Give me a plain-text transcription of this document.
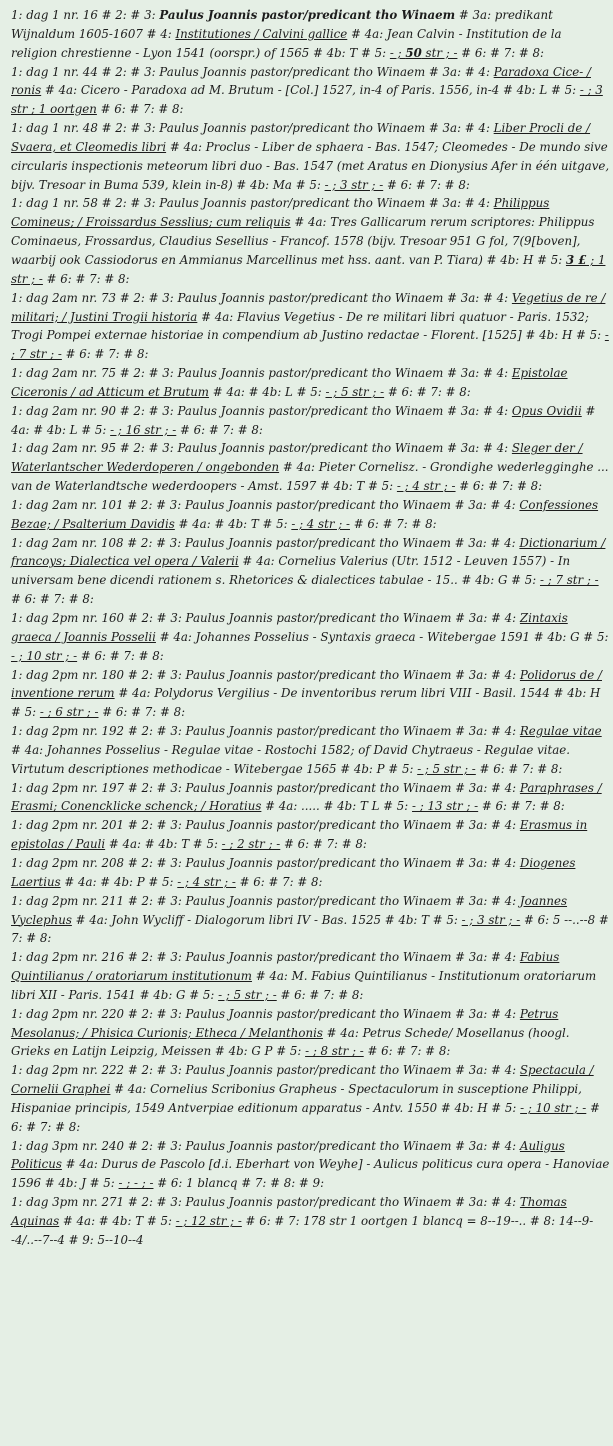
1: dag 1 nr. 16 # 2: # 3: Paulus Joannis pastor/predicant tho Winaem # 3a: predikant Wijnaldum 1605-1607 # 4: Institutiones / Calvini gallice # 4a: Jean Calvin - Institution de la religion chrestienne - Lyon 1541 (oorspr.) of 1565 # 4b: T # 5: - ; 50 str ; - # 6: # 7: # 8:

1: dag 1 nr. 44 # 2: # 3: Paulus Joannis pastor/predicant tho Winaem # 3a: # 4: Paradoxa Cice- / ronis # 4a: Cicero - Paradoxa ad M. Brutum - [Col.] 1527, in-4 of Paris. 1556, in-4 # 4b: L # 5: - ; 3 str ; 1 oortgen # 6: # 7: # 8:

1: dag 1 nr. 48 # 2: # 3: Paulus Joannis pastor/predicant tho Winaem # 3a: # 4: Liber Procli de / Svaera, et Cleomedis libri # 4a: Proclus - Liber de sphaera - Bas. 1547; Cleomedes - De mundo sive circularis inspectionis meteorum libri duo - Bas. 1547 (met Aratus en Dionysius Afer in één uitgave, bijv. Tresoar in Buma 539, klein in-8) # 4b: Ma # 5: - ; 3 str ; - # 6: # 7: # 8:

1: dag 1 nr. 58 # 2: # 3: Paulus Joannis pastor/predicant tho Winaem # 3a: # 4: Philippus Comineus; / Froissardus Sesslius; cum reliquis # 4a: Tres Gallicarum rerum scriptores: Philippus Cominaeus, Frossardus, Claudius Sesellius - Francof. 1578 (bijv. Tresoar 951 G fol, 7(9[boven], waarbij ook Cassiodorus en Ammianus Marcellinus met hss. aant. van P. Tiara) # 4b: H # 5: 3 £ ; 1 str ; - # 6: # 7: # 8:

1: dag 2am nr. 73 # 2: # 3: Paulus Joannis pastor/predicant tho Winaem # 3a: # 4: Vegetius de re / militari; / Justini Trogii historia # 4a: Flavius Vegetius - De re militari libri quatuor - Paris. 1532; Trogi Pompei externae historiae in compendium ab Justino redactae - Florent. [1525] # 4b: H # 5: - ; 7 str ; - # 6: # 7: # 8:

1: dag 2am nr. 75 # 2: # 3: Paulus Joannis pastor/predicant tho Winaem # 3a: # 4: Epistolae Ciceronis / ad Atticum et Brutum # 4a: # 4b: L # 5: - ; 5 str ; - # 6: # 7: # 8:

1: dag 2am nr. 90 # 2: # 3: Paulus Joannis pastor/predicant tho Winaem # 3a: # 4: Opus Ovidii # 4a: # 4b: L # 5: - ; 16 str ; - # 6: # 7: # 8:

1: dag 2am nr. 95 # 2: # 3: Paulus Joannis pastor/predicant tho Winaem # 3a: # 4: Sleger der / Waterlantscher Wederdoperen / ongebonden # 4a: Pieter Cornelisz. - Grondighe wederlegginghe ... van de Waterlandtsche wederdoopers - Amst. 1597 # 4b: T # 5: - ; 4 str ; - # 6: # 7: # 8:

1: dag 2am nr. 101 # 2: # 3: Paulus Joannis pastor/predicant tho Winaem # 3a: # 4: Confessiones Bezae; / Psalterium Davidis # 4a: # 4b: T # 5: - ; 4 str ; - # 6: # 7: # 8:

1: dag 2am nr. 108 # 2: # 3: Paulus Joannis pastor/predicant tho Winaem # 3a: # 4: Dictionarium / francoys; Dialectica vel opera / Valerii # 4a: Cornelius Valerius (Utr. 1512 - Leuven 1557) - In universam bene dicendi rationem s. Rhetorices & dialectices tabulae - 15.. # 4b: G # 5: - ; 7 str ; - # 6: # 7: # 8:

1: dag 2pm nr. 160 # 2: # 3: Paulus Joannis pastor/predicant tho Winaem # 3a: # 4: Zintaxis graeca / Joannis Posselii # 4a: Johannes Posselius - Syntaxis graeca - Witebergae 1591 # 4b: G # 5: - ; 10 str ; - # 6: # 7: # 8:

1: dag 2pm nr. 180 # 2: # 3: Paulus Joannis pastor/predicant tho Winaem # 3a: # 4: Polidorus de / inventione rerum # 4a: Polydorus Vergilius - De inventoribus rerum libri VIII - Basil. 1544 # 4b: H # 5: - ; 6 str ; - # 6: # 7: # 8:

1: dag 2pm nr. 192 # 2: # 3: Paulus Joannis pastor/predicant tho Winaem # 3a: # 4: Regulae vitae # 4a: Johannes Posselius - Regulae vitae - Rostochi 1582; of David Chytraeus - Regulae vitae. Virtutum descriptiones methodicae - Witebergae 1565 # 4b: P # 5: - ; 5 str ; - # 6: # 7: # 8:

1: dag 2pm nr. 197 # 2: # 3: Paulus Joannis pastor/predicant tho Winaem # 3a: # 4: Paraphrases / Erasmi; Conencklicke schenck; / Horatius # 4a: ..... # 4b: T L # 5: - ; 13 str ; - # 6: # 7: # 8:

1: dag 2pm nr. 201 # 2: # 3: Paulus Joannis pastor/predicant tho Winaem # 3a: # 4: Erasmus in epistolas / Pauli # 4a: # 4b: T # 5: - ; 2 str ; - # 6: # 7: # 8:

1: dag 2pm nr. 208 # 2: # 3: Paulus Joannis pastor/predicant tho Winaem # 3a: # 4: Diogenes Laertius # 4a: # 4b: P # 5: - ; 4 str ; - # 6: # 7: # 8:

1: dag 2pm nr. 211 # 2: # 3: Paulus Joannis pastor/predicant tho Winaem # 3a: # 4: Joannes Vyclephus # 4a: John Wycliff - Dialogorum libri IV - Bas. 1525 # 4b: T # 5: - ; 3 str ; - # 6: 5 --..--8 # 7: # 8:

1: dag 2pm nr. 216 # 2: # 3: Paulus Joannis pastor/predicant tho Winaem # 3a: # 4: Fabius Quintilianus / oratoriarum institutionum # 4a: M. Fabius Quintilianus - Institutionum oratoriarum libri XII - Paris. 1541 # 4b: G # 5: - ; 5 str ; - # 6: # 7: # 8:

1: dag 2pm nr. 220 # 2: # 3: Paulus Joannis pastor/predicant tho Winaem # 3a: # 4: Petrus Mesolanus; / Phisica Curionis; Etheca / Melanthonis # 4a: Petrus Schede/ Mosellanus (hoogl. Grieks en Latijn Leipzig, Meissen # 4b: G P # 5: - ; 8 str ; - # 6: # 7: # 8:

1: dag 2pm nr. 222 # 2: # 3: Paulus Joannis pastor/predicant tho Winaem # 3a: # 4: Spectacula / Cornelii Graphei # 4a: Cornelius Scribonius Grapheus - Spectaculorum in susceptione Philippi, Hispaniae principis, 1549 Antverpiae editionum apparatus - Antv. 1550 # 4b: H # 5: - ; 10 str ; - # 6: # 7: # 8:

1: dag 3pm nr. 240 # 2: # 3: Paulus Joannis pastor/predicant tho Winaem # 3a: # 4: Auligus Politicus # 4a: Durus de Pascolo [d.i. Eberhart von Weyhe] - Aulicus politicus cura opera - Hanoviae 1596 # 4b: J # 5: - ; - ; - # 6: 1 blancq # 7: # 8: # 9:

1: dag 3pm nr. 271 # 2: # 3: Paulus Joannis pastor/predicant tho Winaem # 3a: # 4: Thomas Aquinas # 4a: # 4b: T # 5: - ; 12 str ; - # 6: # 7: 178 str 1 oortgen 1 blancq = 8--19--.. # 8: 14--9--4/..--7--4 # 9: 5--10--4
